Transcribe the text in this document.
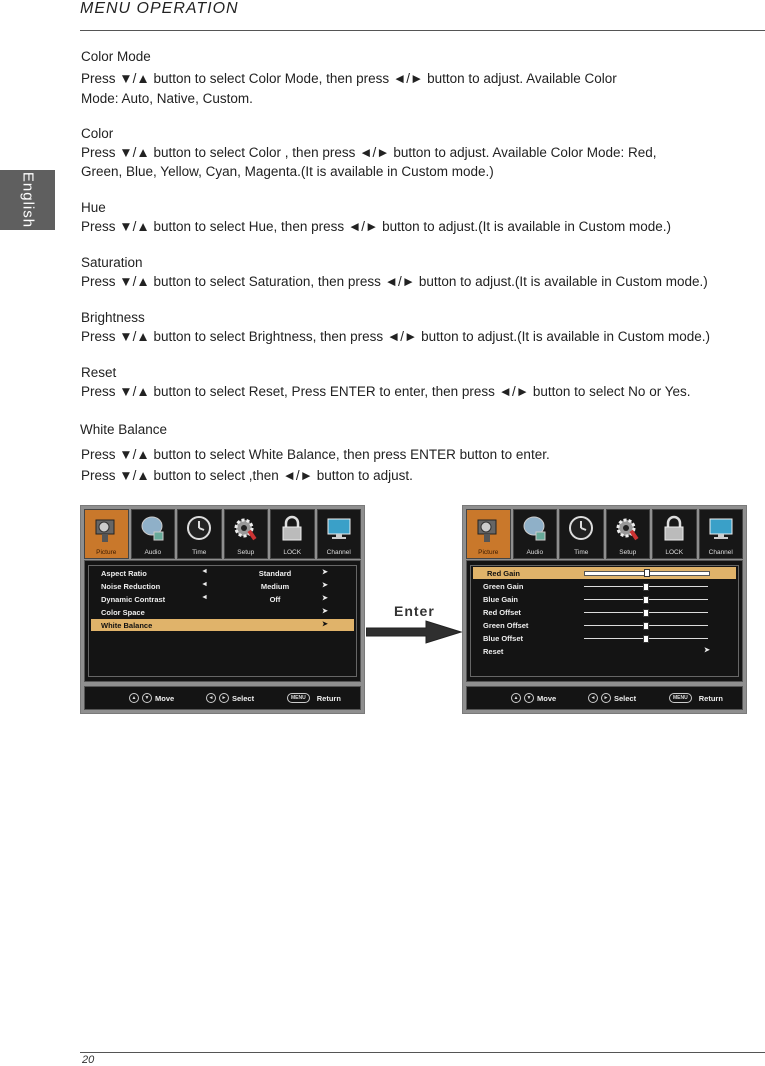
MENU OPERATION
English
Color Mode
Press ▼/▲ button to select Color Mode, then press ◄/► button to adjust. Available Color
Mode: Auto, Native, Custom.
Color
Press ▼/▲ button to select Color , then press ◄/► button to adjust. Available Color Mode: Red,
Green, Blue, Yellow, Cyan, Magenta.(It is available in Custom mode.)
Hue
Press ▼/▲ button to select Hue, then press ◄/► button to adjust.(It is available in Custom mode.)
Saturation
Press ▼/▲ button to select Saturation, then press ◄/► button to adjust.(It is available in Custom mode.)
Brightness
Press ▼/▲ button to select Brightness, then press ◄/► button to adjust.(It is available in Custom mode.)
Reset
Press ▼/▲ button to select Reset, Press ENTER to enter, then press ◄/► button to select No or Yes.
White Balance
Press ▼/▲ button to select White Balance, then press ENTER button to enter.
Press ▼/▲ button to select ,then ◄/► button to adjust.
Picture	Audio	Time	Setup	LOCK	Channel
Aspect Ratio	◄	Standard	➤
Noise Reduction	◄	Medium	➤
Dynamic Contrast	◄	Off	➤
Color Space	➤
White Balance	➤
▲	▼ Move	◄	► Select	MENU	Return
Enter
Picture	Audio	Time	Setup	LOCK	Channel
Red Gain
Green Gain
Blue Gain
Red Offset
Green Offset
Blue Offset
Reset	➤
▲	▼ Move	◄	► Select	MENU	Return
20
